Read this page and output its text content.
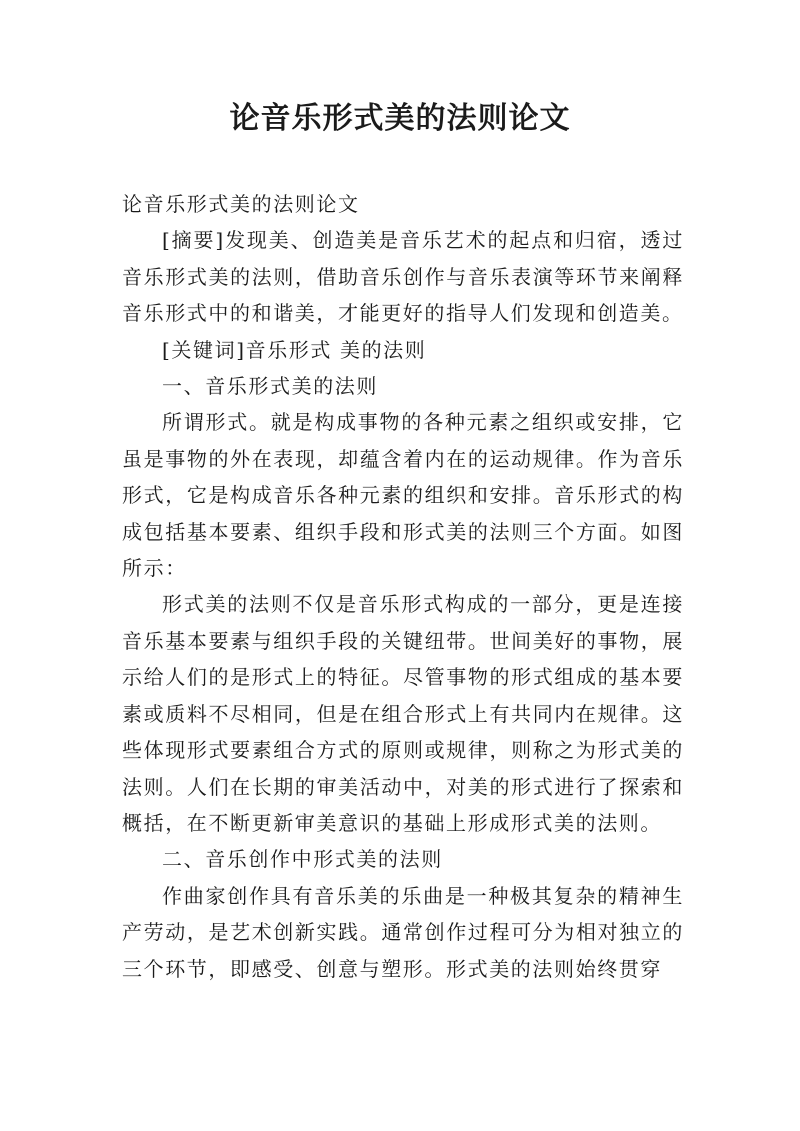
论音乐形式美的法则论文

论音乐形式美的法则论文

[摘要]发现美、创造美是音乐艺术的起点和归宿，透过音乐形式美的法则，借助音乐创作与音乐表演等环节来阐释音乐形式中的和谐美，才能更好的指导人们发现和创造美。

[关键词]音乐形式 美的法则

一、音乐形式美的法则

所谓形式。就是构成事物的各种元素之组织或安排，它虽是事物的外在表现，却蕴含着内在的运动规律。作为音乐形式，它是构成音乐各种元素的组织和安排。音乐形式的构成包括基本要素、组织手段和形式美的法则三个方面。如图所示：

形式美的法则不仅是音乐形式构成的一部分，更是连接音乐基本要素与组织手段的关键纽带。世间美好的事物，展示给人们的是形式上的特征。尽管事物的形式组成的基本要素或质料不尽相同，但是在组合形式上有共同内在规律。这些体现形式要素组合方式的原则或规律，则称之为形式美的法则。人们在长期的审美活动中，对美的形式进行了探索和概括，在不断更新审美意识的基础上形成形式美的法则。

二、音乐创作中形式美的法则

作曲家创作具有音乐美的乐曲是一种极其复杂的精神生产劳动，是艺术创新实践。通常创作过程可分为相对独立的三个环节，即感受、创意与塑形。形式美的法则始终贯穿
